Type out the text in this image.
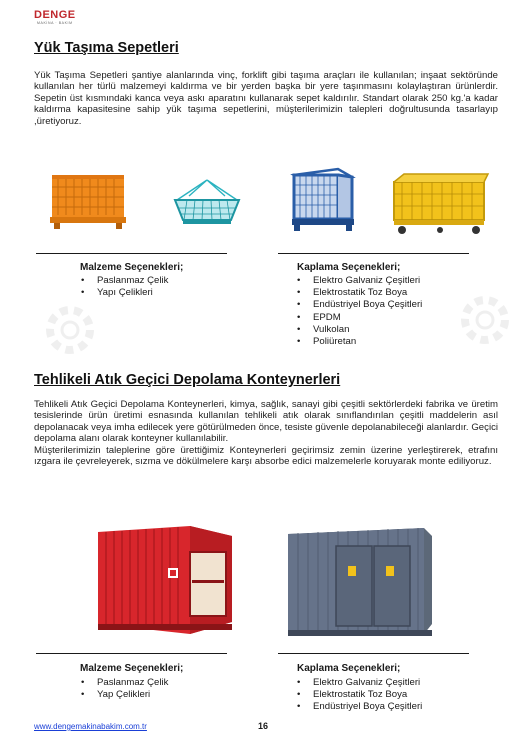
DENGE
MAKİNA · BAKIM
Yük Taşıma Sepetleri

Yük Taşıma Sepetleri şantiye alanlarında vinç, forklift gibi taşıma araçları ile kullanılan; inşaat sektöründe kullanılan her türlü malzemeyi kaldırma ve bir yerden başka bir yere taşınmasını kolaylaştıran ürünlerdir. Sepetin üst kısmındaki kanca veya askı aparatını kullanarak sepet kaldırılır. Standart olarak 250 kg.'a kadar kaldırma kapasitesine sahip yük taşıma sepetlerini, müşterilerimizin talepleri doğrultusunda tasarlayıp ,üretiyoruz.

Malzeme Seçenekleri;
• Paslanmaz Çelik
• Yapı Çelikleri
Kaplama Seçenekleri;
• Elektro Galvaniz Çeşitleri
• Elektrostatik Toz Boya
• Endüstriyel Boya Çeşitleri
• EPDM
• Vulkolan
• Poliüretan
Tehlikeli Atık Geçici Depolama Konteynerleri

Tehlikeli Atık Geçici Depolama Konteynerleri, kimya, sağlık, sanayi gibi çeşitli sektörlerdeki fabrika ve üretim tesislerinde ürün üretimi esnasında kullanılan tehlikeli atık olarak sınıflandırılan çeşitli maddelerin asıl depolanacak veya imha edilecek yere götürülmeden önce, tesiste güvenle depolanabileceği alanlardır. Geçici depolama alanı olarak konteyner kullanılabilir.

Müşterilerimizin taleplerine göre ürettiğimiz Konteynerleri geçirimsiz zemin üzerine yerleştirerek, etrafını ızgara ile çevreleyerek, sızma ve dökülmelere karşı absorbe edici malzemelerle koruyarak monte ediliyoruz.

Malzeme Seçenekleri;
• Paslanmaz Çelik
• Yap Çelikleri
Kaplama Seçenekleri;
• Elektro Galvaniz Çeşitleri
• Elektrostatik Toz Boya
• Endüstriyel Boya Çeşitleri
www.dengemakinabakim.com.tr	16
